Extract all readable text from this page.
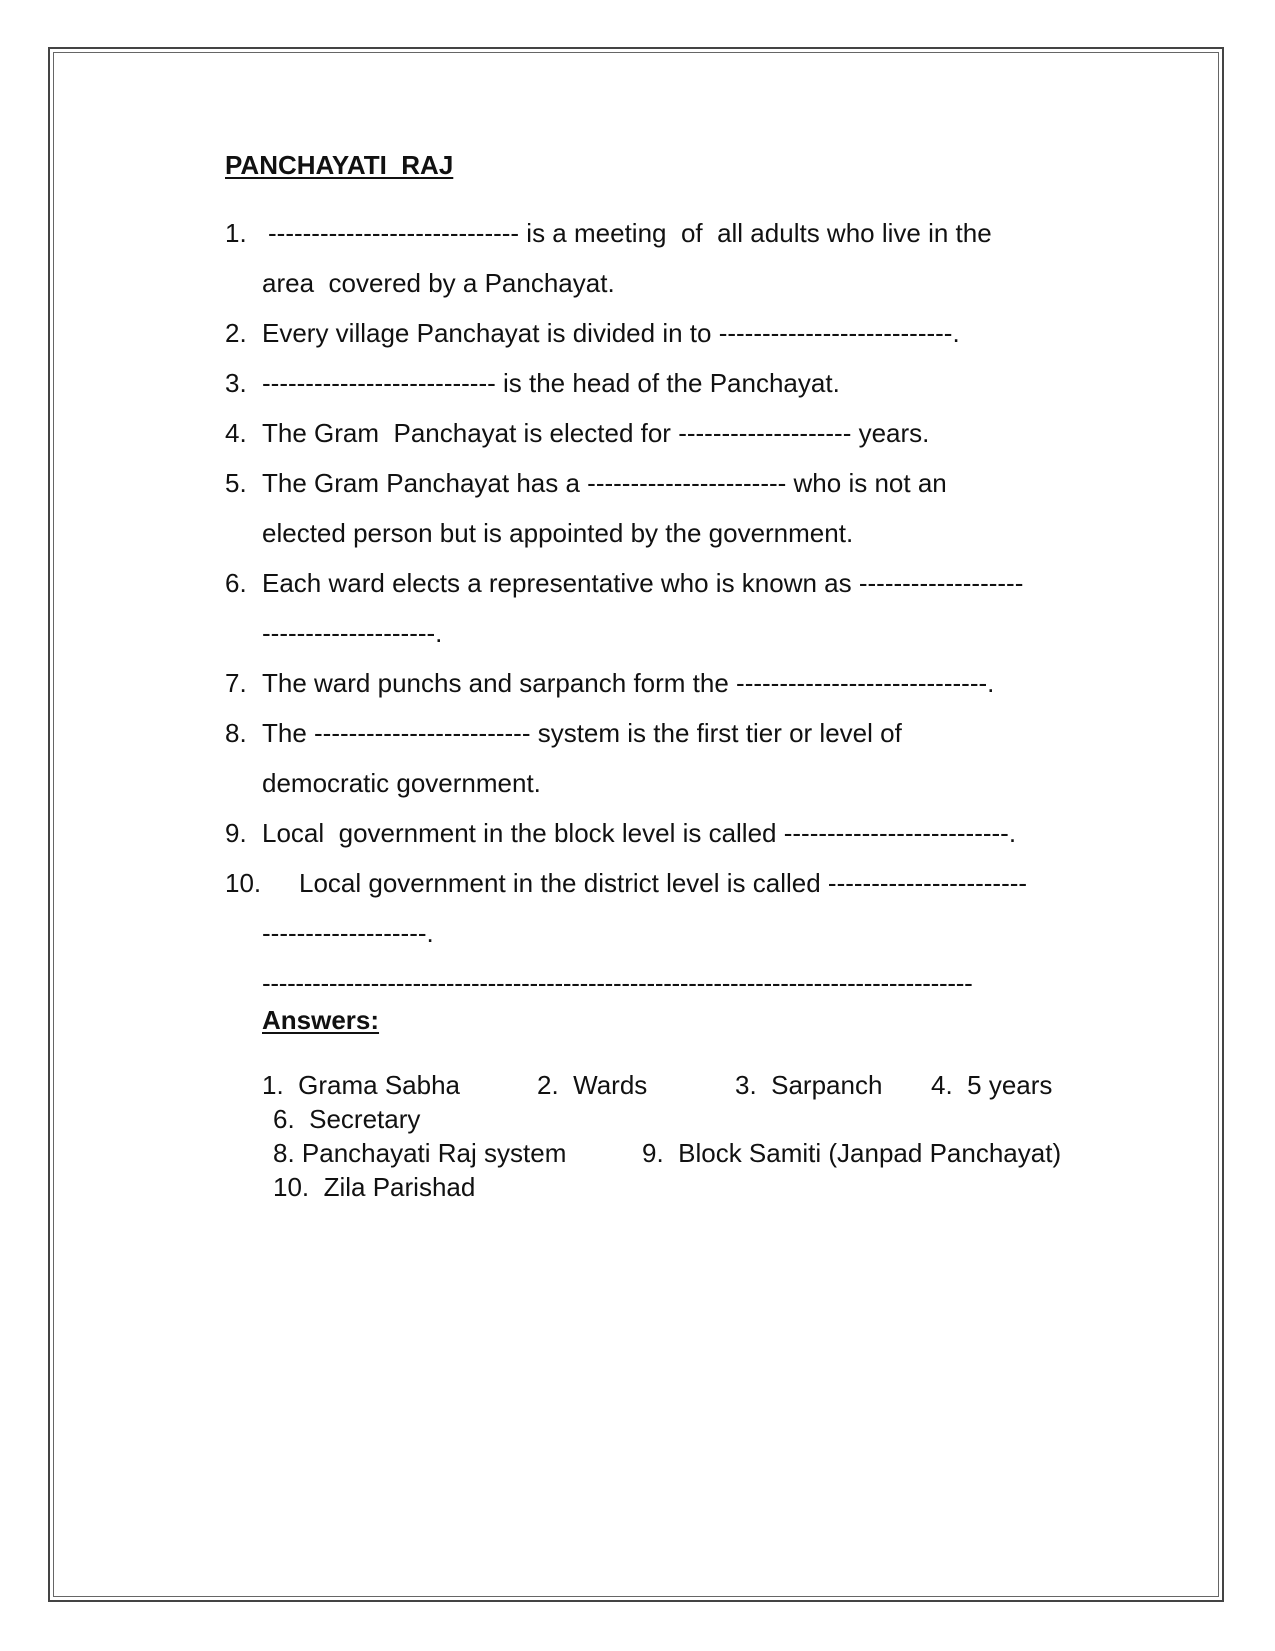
PANCHAYATI  RAJ
1. ----------------------------- is a meeting  of  all adults who live in the
area  covered by a Panchayat.
2. Every village Panchayat is divided in to ---------------------------.
3. --------------------------- is the head of the Panchayat.
4. The Gram  Panchayat is elected for -------------------- years.
5. The Gram Panchayat has a ----------------------- who is not an
elected person but is appointed by the government.
6. Each ward elects a representative who is known as -------------------
--------------------.
7. The ward punchs and sarpanch form the -----------------------------.
8. The ------------------------- system is the first tier or level of
democratic government.
9. Local  government in the block level is called --------------------------.
10. Local government in the district level is called -----------------------
-------------------.
-------------------------------------------------------------------------------------
Answers:
1.  Grama Sabha	2.  Wards	3.  Sarpanch 4.  5 years
6.  Secretary
8. Panchayati Raj system	9.  Block Samiti (Janpad Panchayat)
10.  Zila Parishad
